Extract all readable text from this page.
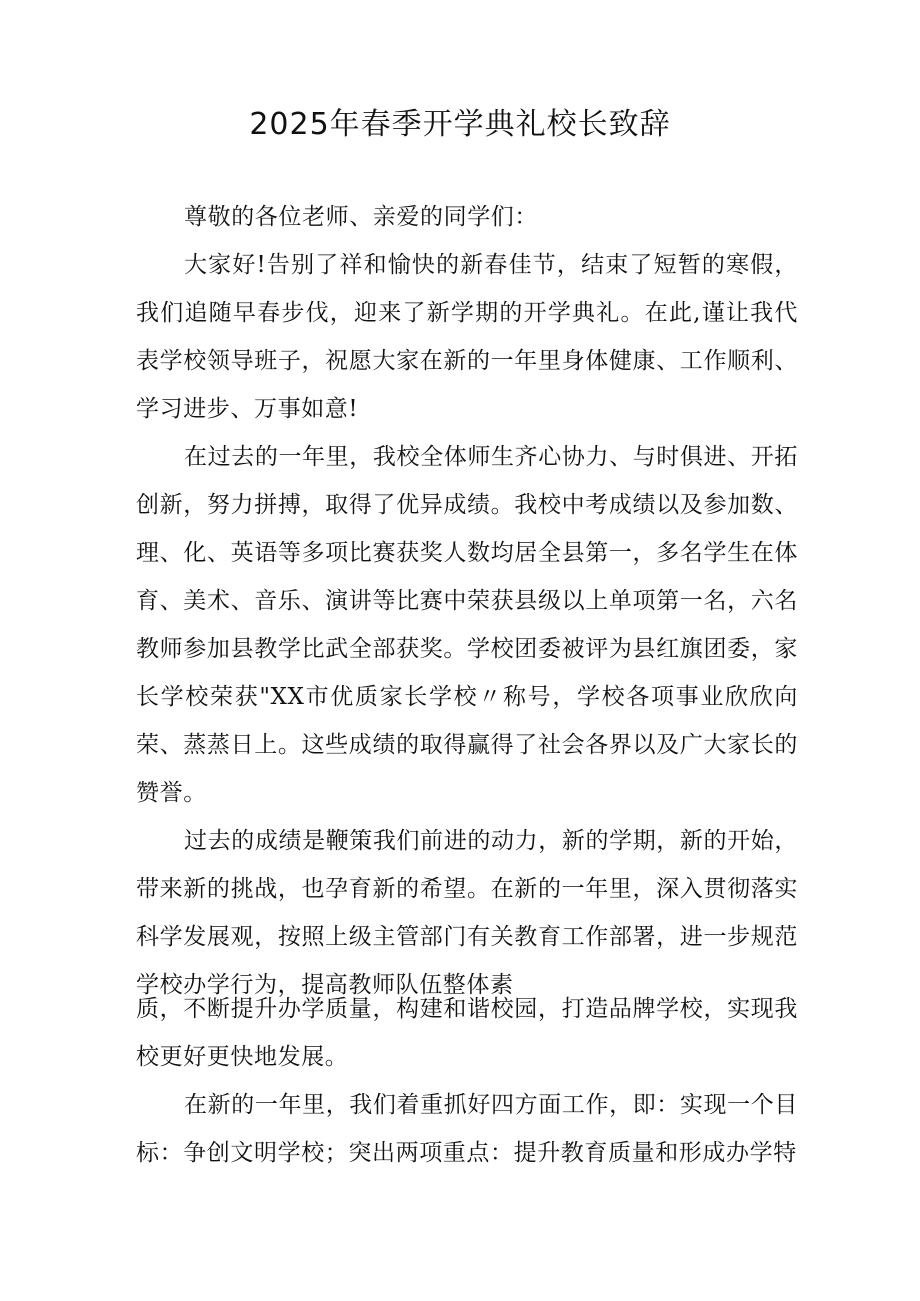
2025年春季开学典礼校长致辞

尊敬的各位老师、亲爱的同学们：

大家好!告别了祥和愉快的新春佳节，结束了短暂的寒假，我们追随早春步伐，迎来了新学期的开学典礼。在此,谨让我代表学校领导班子，祝愿大家在新的一年里身体健康、工作顺利、学习进步、万事如意!

在过去的一年里，我校全体师生齐心协力、与时俱进、开拓创新，努力拼搏，取得了优异成绩。我校中考成绩以及参加数、理、化、英语等多项比赛获奖人数均居全县第一，多名学生在体育、美术、音乐、演讲等比赛中荣获县级以上单项第一名，六名教师参加县教学比武全部获奖。学校团委被评为县红旗团委，家长学校荣获"XX市优质家长学校〃称号，学校各项事业欣欣向荣、蒸蒸日上。这些成绩的取得赢得了社会各界以及广大家长的赞誉。

过去的成绩是鞭策我们前进的动力，新的学期，新的开始，带来新的挑战，也孕育新的希望。在新的一年里，深入贯彻落实科学发展观，按照上级主管部门有关教育工作部署，进一步规范学校办学行为，提高教师队伍整体素

质，不断提升办学质量，构建和谐校园，打造品牌学校，实现我校更好更快地发展。

在新的一年里，我们着重抓好四方面工作，即：实现一个目标：争创文明学校；突出两项重点：提升教育质量和形成办学特
